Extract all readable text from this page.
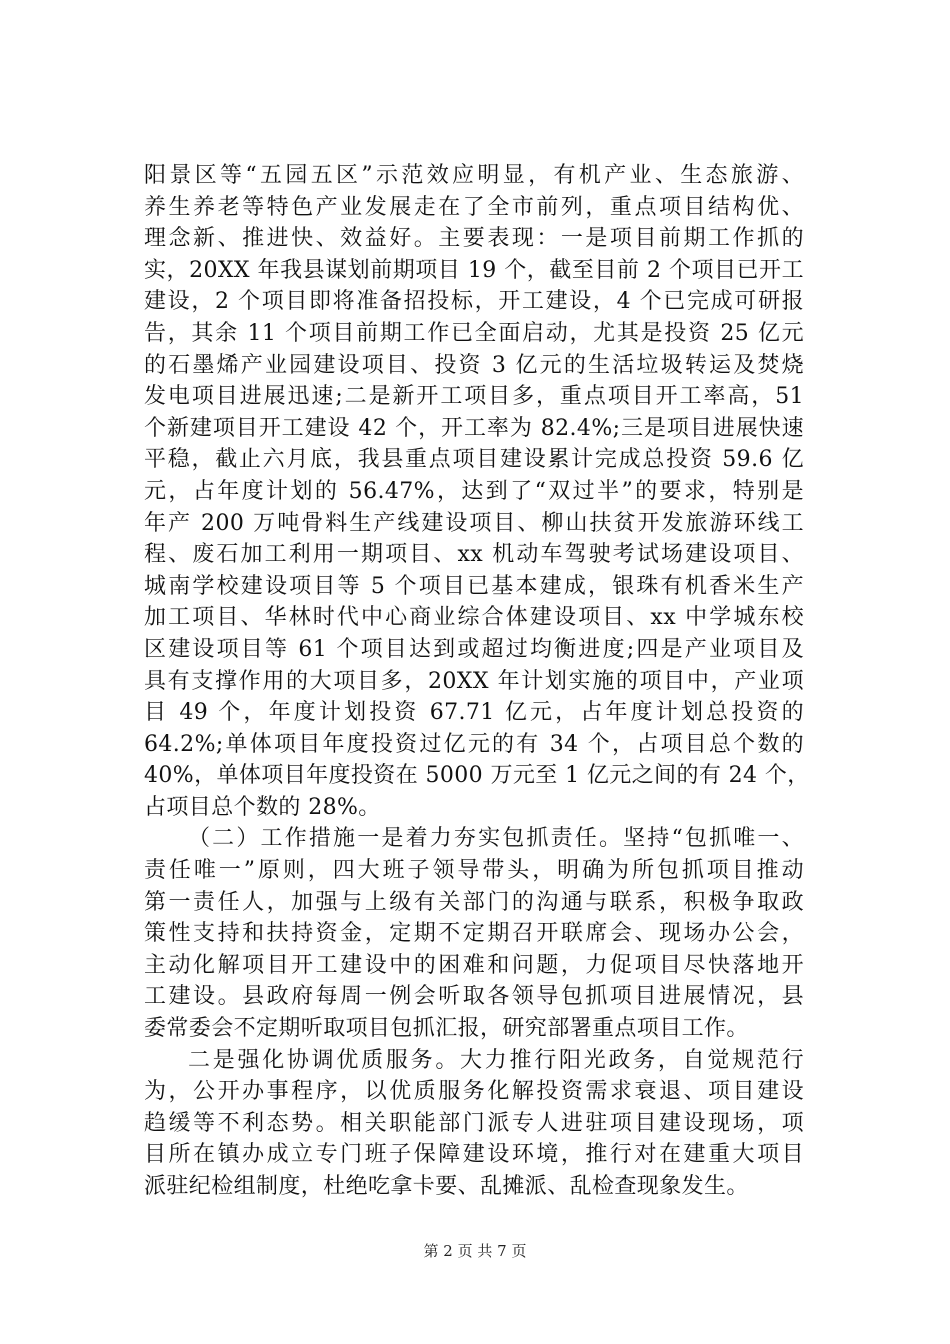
阳景区等“五园五区”示范效应明显，有机产业、生态旅游、
养生养老等特色产业发展走在了全市前列，重点项目结构优、
理念新、推进快、效益好。主要表现：一是项目前期工作抓的
实，20XX 年我县谋划前期项目 19 个，截至目前 2 个项目已开工
建设，2 个项目即将准备招投标，开工建设，4 个已完成可研报
告，其余 11 个项目前期工作已全面启动，尤其是投资 25 亿元
的石墨烯产业园建设项目、投资 3 亿元的生活垃圾转运及焚烧
发电项目进展迅速;二是新开工项目多，重点项目开工率高，51
个新建项目开工建设 42 个，开工率为 82.4%;三是项目进展快速
平稳，截止六月底，我县重点项目建设累计完成总投资 59.6 亿
元，占年度计划的 56.47%，达到了“双过半”的要求，特别是
年产 200 万吨骨料生产线建设项目、柳山扶贫开发旅游环线工
程、废石加工利用一期项目、xx 机动车驾驶考试场建设项目、
城南学校建设项目等 5 个项目已基本建成，银珠有机香米生产
加工项目、华林时代中心商业综合体建设项目、xx 中学城东校
区建设项目等 61 个项目达到或超过均衡进度;四是产业项目及
具有支撑作用的大项目多，20XX 年计划实施的项目中，产业项
目 49 个，年度计划投资 67.71 亿元，占年度计划总投资的
64.2%;单体项目年度投资过亿元的有 34 个，占项目总个数的
40%，单体项目年度投资在 5000 万元至 1 亿元之间的有 24 个，
占项目总个数的 28%。
（二）工作措施一是着力夯实包抓责任。坚持“包抓唯一、
责任唯一”原则，四大班子领导带头，明确为所包抓项目推动
第一责任人，加强与上级有关部门的沟通与联系，积极争取政
策性支持和扶持资金，定期不定期召开联席会、现场办公会，
主动化解项目开工建设中的困难和问题，力促项目尽快落地开
工建设。县政府每周一例会听取各领导包抓项目进展情况，县
委常委会不定期听取项目包抓汇报，研究部署重点项目工作。
二是强化协调优质服务。大力推行阳光政务，自觉规范行
为，公开办事程序，以优质服务化解投资需求衰退、项目建设
趋缓等不利态势。相关职能部门派专人进驻项目建设现场，项
目所在镇办成立专门班子保障建设环境，推行对在建重大项目
派驻纪检组制度，杜绝吃拿卡要、乱摊派、乱检查现象发生。
第 2 页 共 7 页
